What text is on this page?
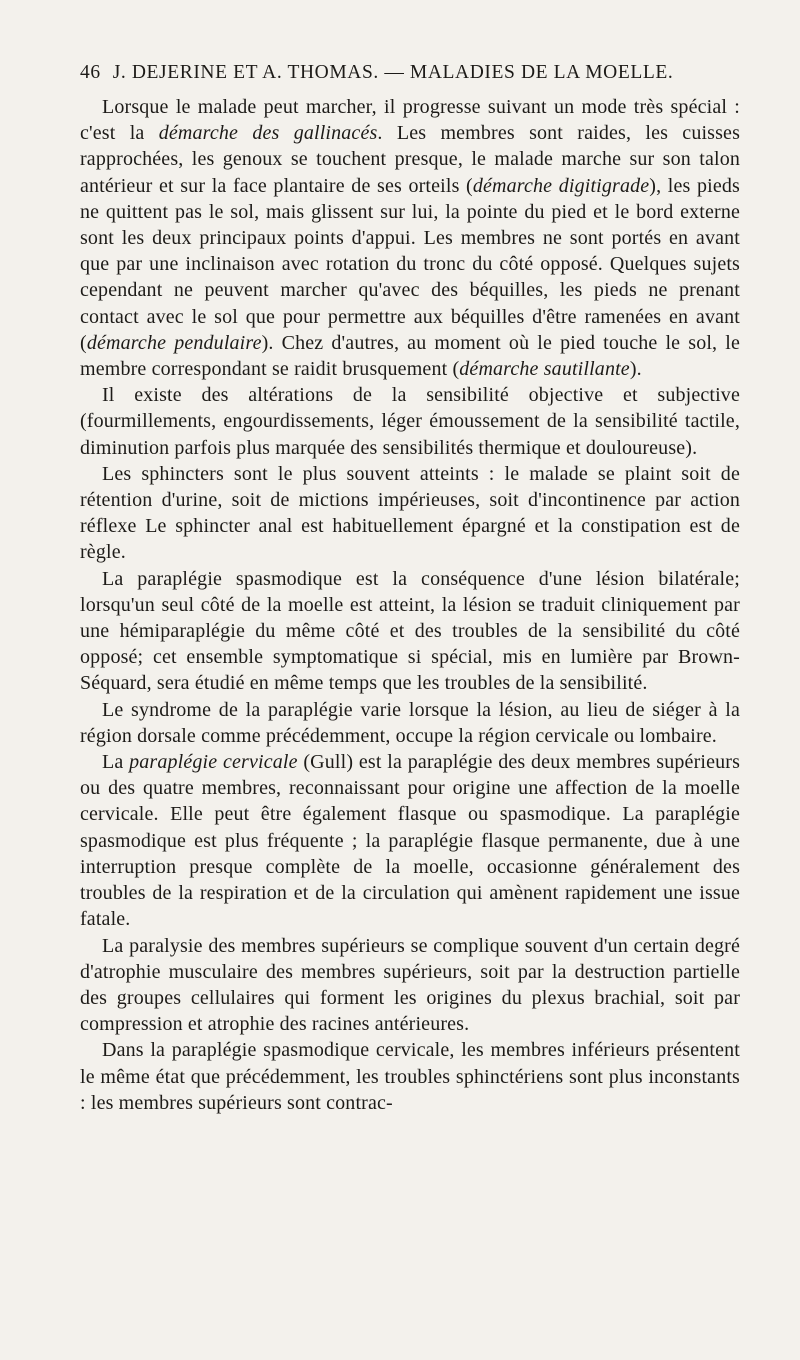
46 J. DEJERINE ET A. THOMAS. — MALADIES DE LA MOELLE.

Lorsque le malade peut marcher, il progresse suivant un mode très spécial : c'est la démarche des gallinacés. Les membres sont raides, les cuisses rapprochées, les genoux se touchent presque, le malade marche sur son talon antérieur et sur la face plantaire de ses orteils (démarche digitigrade), les pieds ne quittent pas le sol, mais glissent sur lui, la pointe du pied et le bord externe sont les deux principaux points d'appui. Les membres ne sont portés en avant que par une inclinaison avec rotation du tronc du côté opposé. Quelques sujets cependant ne peuvent marcher qu'avec des béquilles, les pieds ne prenant contact avec le sol que pour permettre aux béquilles d'être ramenées en avant (démarche pendulaire). Chez d'autres, au moment où le pied touche le sol, le membre correspondant se raidit brusquement (démarche sautillante).

Il existe des altérations de la sensibilité objective et subjective (fourmillements, engourdissements, léger émoussement de la sensibilité tactile, diminution parfois plus marquée des sensibilités thermique et douloureuse).

Les sphincters sont le plus souvent atteints : le malade se plaint soit de rétention d'urine, soit de mictions impérieuses, soit d'incontinence par action réflexe Le sphincter anal est habituellement épargné et la constipation est de règle.

La paraplégie spasmodique est la conséquence d'une lésion bilatérale; lorsqu'un seul côté de la moelle est atteint, la lésion se traduit cliniquement par une hémiparaplégie du même côté et des troubles de la sensibilité du côté opposé; cet ensemble symptomatique si spécial, mis en lumière par Brown-Séquard, sera étudié en même temps que les troubles de la sensibilité.

Le syndrome de la paraplégie varie lorsque la lésion, au lieu de siéger à la région dorsale comme précédemment, occupe la région cervicale ou lombaire.

La paraplégie cervicale (Gull) est la paraplégie des deux membres supérieurs ou des quatre membres, reconnaissant pour origine une affection de la moelle cervicale. Elle peut être également flasque ou spasmodique. La paraplégie spasmodique est plus fréquente ; la paraplégie flasque permanente, due à une interruption presque complète de la moelle, occasionne généralement des troubles de la respiration et de la circulation qui amènent rapidement une issue fatale.

La paralysie des membres supérieurs se complique souvent d'un certain degré d'atrophie musculaire des membres supérieurs, soit par la destruction partielle des groupes cellulaires qui forment les origines du plexus brachial, soit par compression et atrophie des racines antérieures.

Dans la paraplégie spasmodique cervicale, les membres inférieurs présentent le même état que précédemment, les troubles sphinctériens sont plus inconstants : les membres supérieurs sont contrac-
